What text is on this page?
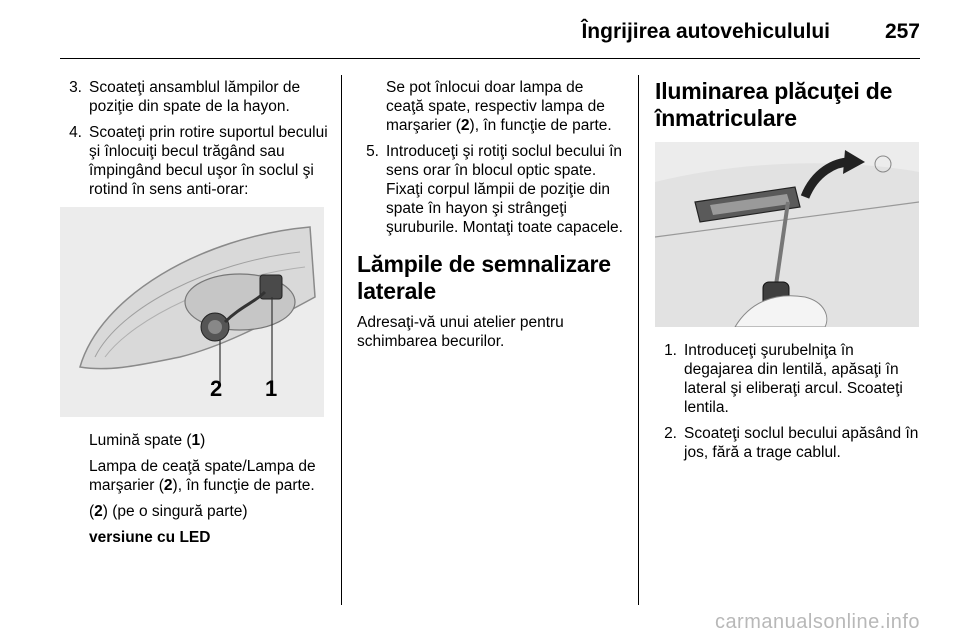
Îngrijirea autovehiculului	257
3. Scoateţi ansamblul lămpilor de poziţie din spate de la hayon.
4. Scoateţi prin rotire suportul becului şi înlocuiţi becul trăgând sau împingând becul uşor în soclul şi rotind în sens anti-orar:
2 1

Lumină spate (1)

Lampa de ceaţă spate/Lampa de marşarier (2), în funcţie de parte.

(2) (pe o singură parte)

versiune cu LED

Se pot înlocui doar lampa de ceaţă spate, respectiv lampa de marşarier (2), în funcţie de parte.

5. Introduceţi şi rotiţi soclul becului în sens orar în blocul optic spate. Fixaţi corpul lămpii de poziţie din spate în hayon şi strângeţi şuruburile. Montaţi toate capacele.
Lămpile de semnalizare laterale

Adresaţi-vă unui atelier pentru schimbarea becurilor.

Iluminarea plăcuţei de înmatriculare
1. Introduceţi şurubelniţa în degajarea din lentilă, apăsaţi în lateral şi eliberaţi arcul. Scoateţi lentila.
2. Scoateţi soclul becului apăsând în jos, fără a trage cablul.
carmanualsonline.info
